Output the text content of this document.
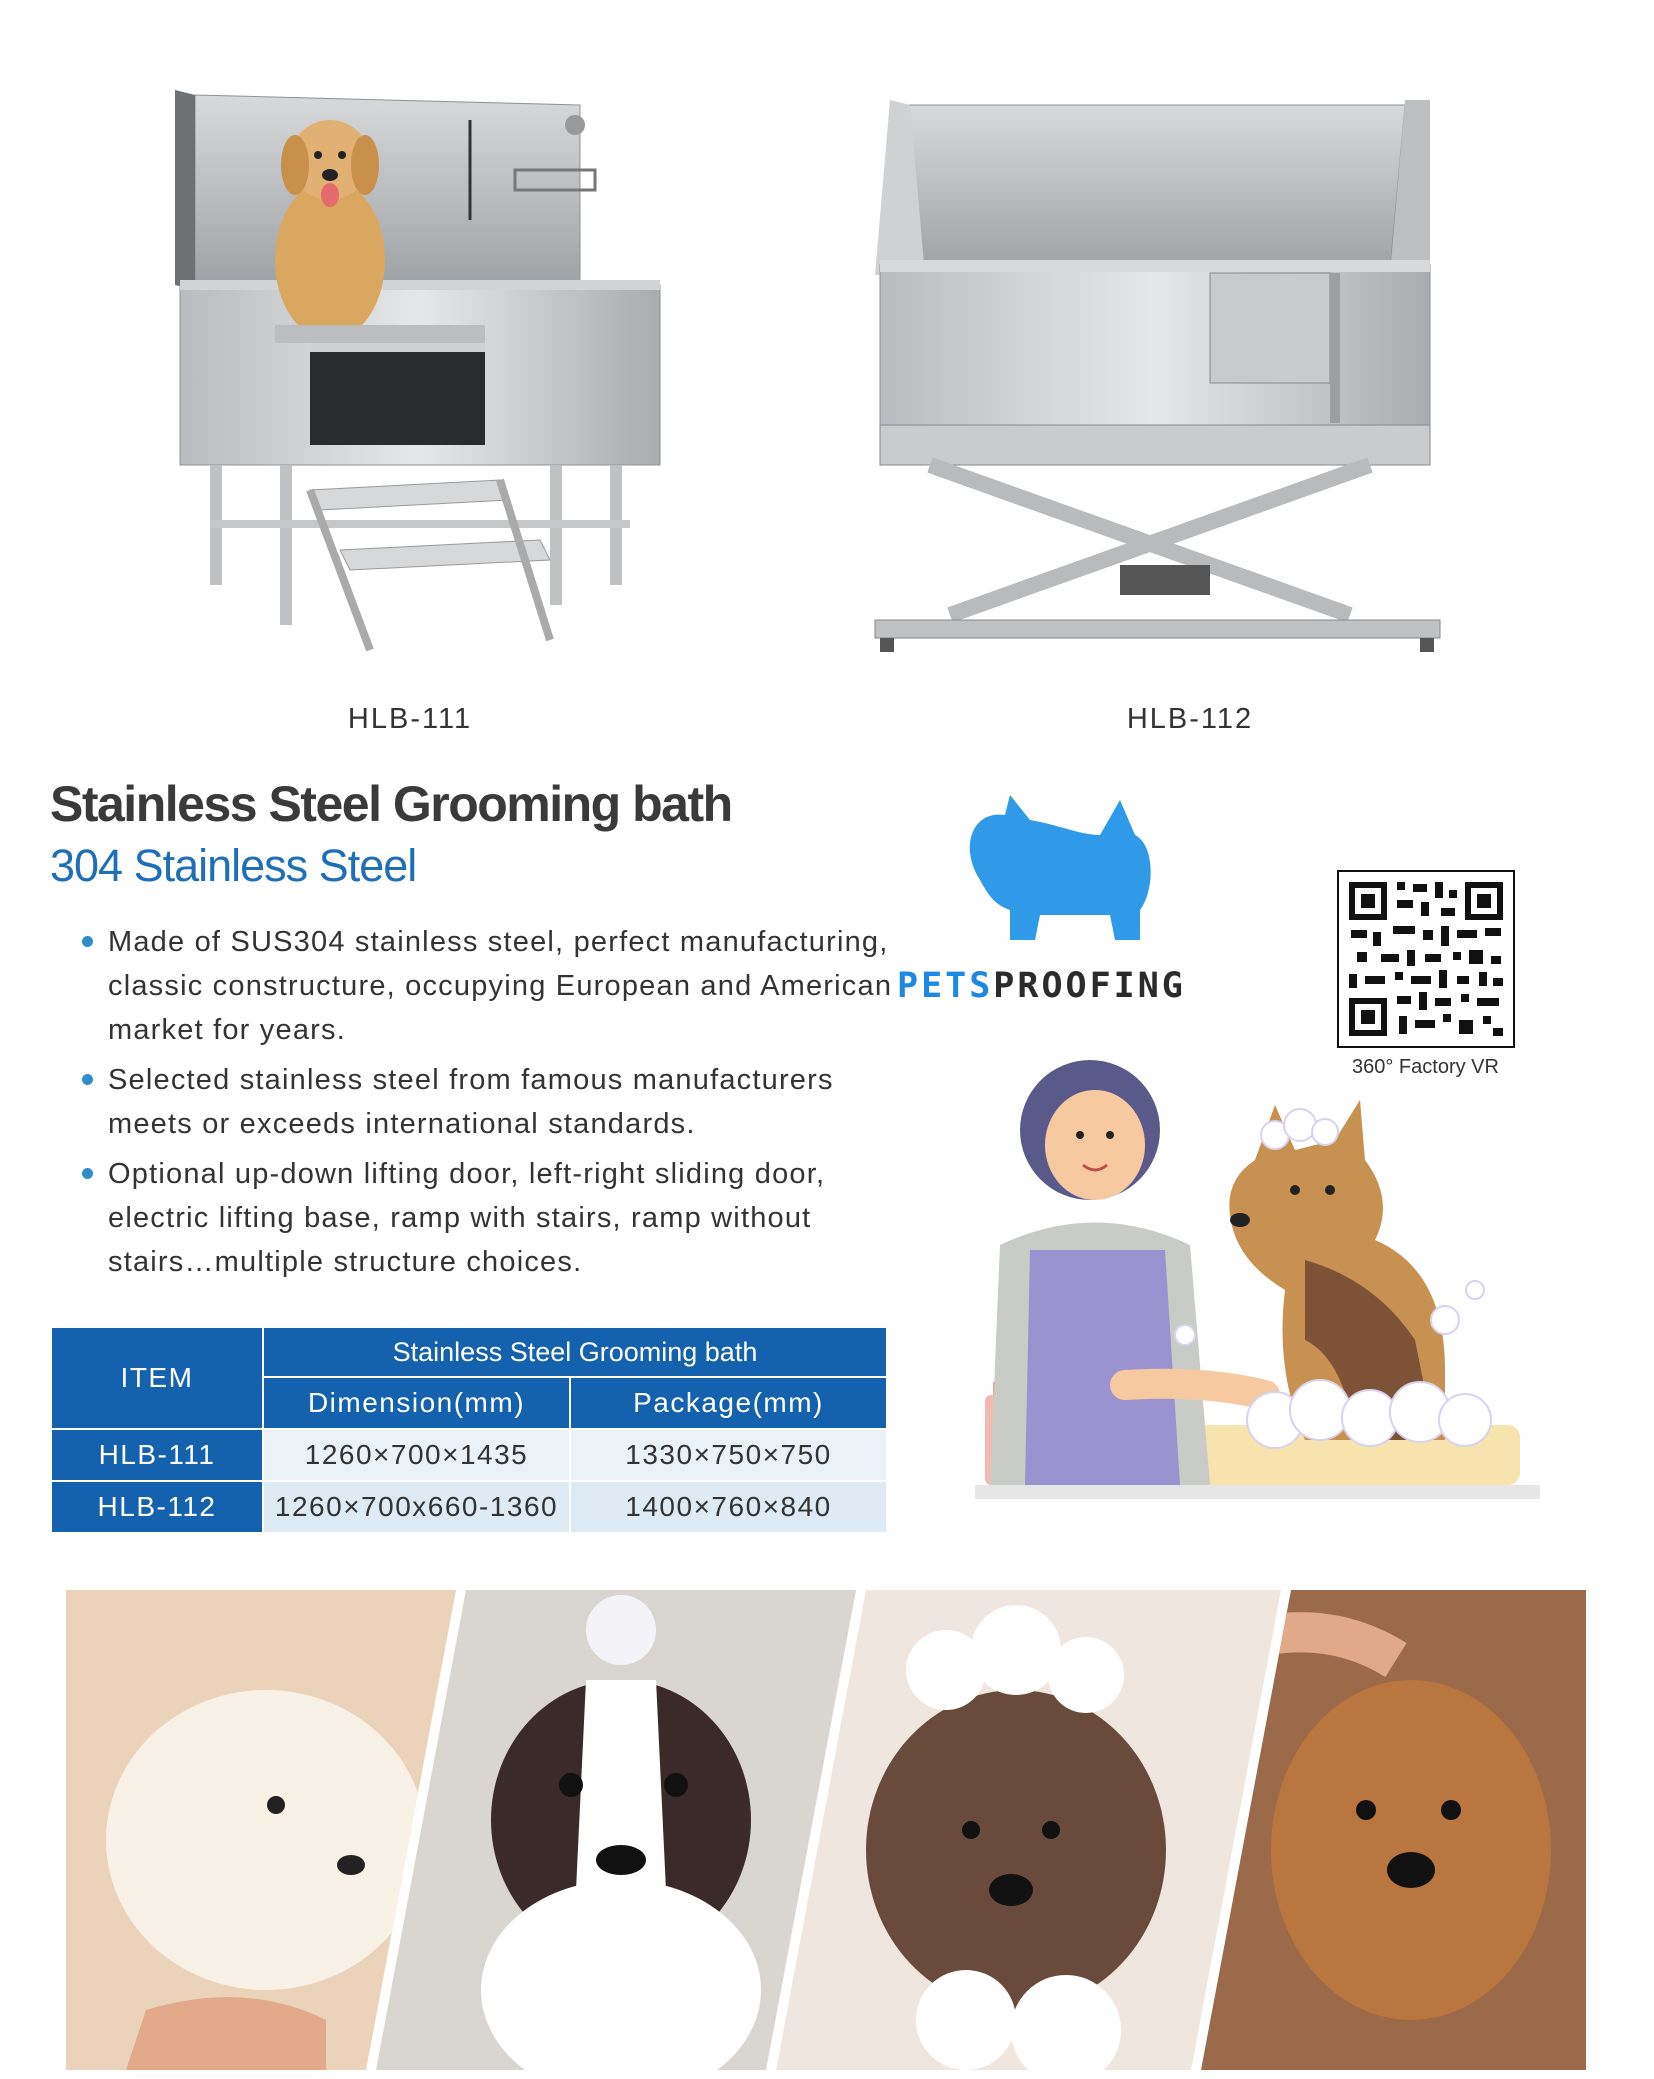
HLB-111	HLB-112
Stainless Steel Grooming bath
304 Stainless Steel
Made of SUS304 stainless steel, perfect manufacturing, classic constructure, occupying European and American market for years.
Selected stainless steel from famous manufacturers meets or exceeds international standards.
Optional up-down lifting door, left-right sliding door, electric lifting base, ramp with stairs, ramp without stairs…multiple structure choices.
ITEM	Stainless Steel Grooming bath	
	Dimension(mm)	Package(mm)
HLB-111	1260×700×1435	1330×750×750
HLB-112	1260×700x660-1360	1400×760×840
PETSPROOFING
360° Factory VR
